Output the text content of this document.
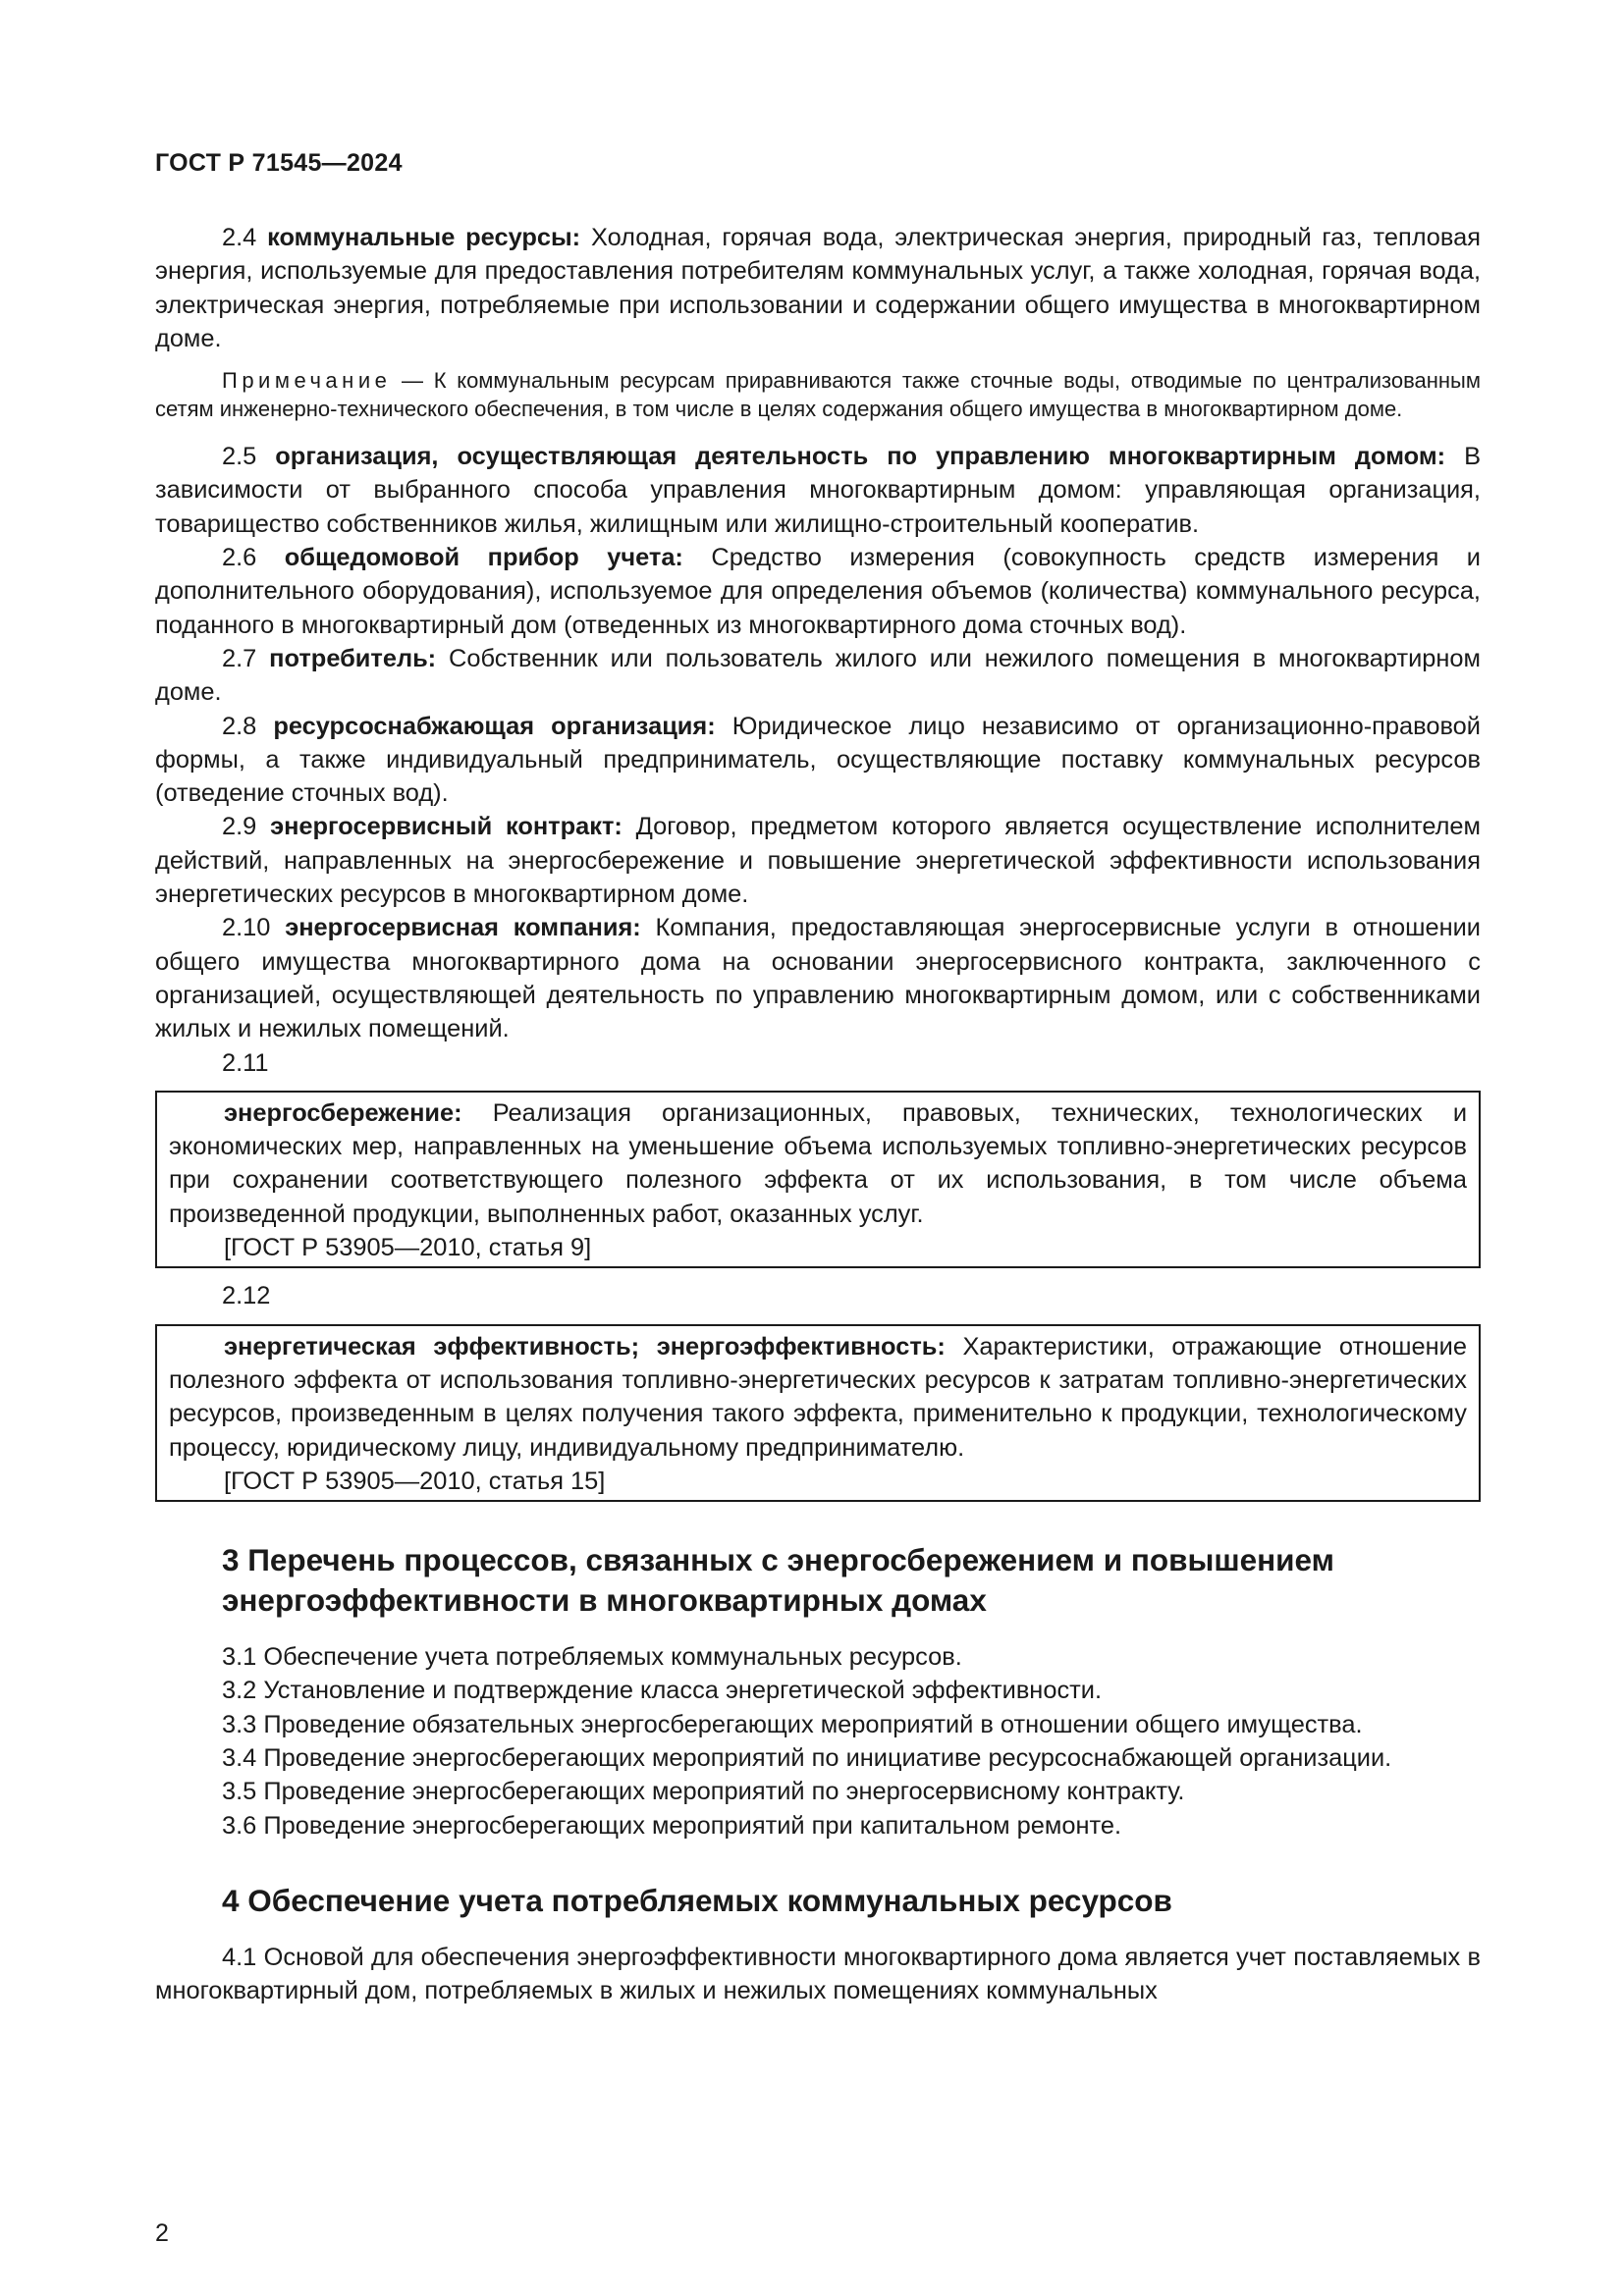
ГОСТ Р 71545—2024

2.4 коммунальные ресурсы: Холодная, горячая вода, электрическая энергия, природный газ, тепловая энергия, используемые для предоставления потребителям коммунальных услуг, а также холодная, горячая вода, электрическая энергия, потребляемые при использовании и содержании общего имущества в многоквартирном доме.

Примечание — К коммунальным ресурсам приравниваются также сточные воды, отводимые по централизованным сетям инженерно-технического обеспечения, в том числе в целях содержания общего имущества в многоквартирном доме.

2.5 организация, осуществляющая деятельность по управлению многоквартирным домом: В зависимости от выбранного способа управления многоквартирным домом: управляющая организация, товарищество собственников жилья, жилищным или жилищно-строительный кооператив.

2.6 общедомовой прибор учета: Средство измерения (совокупность средств измерения и дополнительного оборудования), используемое для определения объемов (количества) коммунального ресурса, поданного в многоквартирный дом (отведенных из многоквартирного дома сточных вод).

2.7 потребитель: Собственник или пользователь жилого или нежилого помещения в многоквартирном доме.

2.8 ресурсоснабжающая организация: Юридическое лицо независимо от организационно-правовой формы, а также индивидуальный предприниматель, осуществляющие поставку коммунальных ресурсов (отведение сточных вод).

2.9 энергосервисный контракт: Договор, предметом которого является осуществление исполнителем действий, направленных на энергосбережение и повышение энергетической эффективности использования энергетических ресурсов в многоквартирном доме.

2.10 энергосервисная компания: Компания, предоставляющая энергосервисные услуги в отношении общего имущества многоквартирного дома на основании энергосервисного контракта, заключенного с организацией, осуществляющей деятельность по управлению многоквартирным домом, или с собственниками жилых и нежилых помещений.

2.11

энергосбережение: Реализация организационных, правовых, технических, технологических и экономических мер, направленных на уменьшение объема используемых топливно-энергетических ресурсов при сохранении соответствующего полезного эффекта от их использования, в том числе объема произведенной продукции, выполненных работ, оказанных услуг.

[ГОСТ Р 53905—2010, статья 9]

2.12

энергетическая эффективность; энергоэффективность: Характеристики, отражающие отношение полезного эффекта от использования топливно-энергетических ресурсов к затратам топливно-энергетических ресурсов, произведенным в целях получения такого эффекта, применительно к продукции, технологическому процессу, юридическому лицу, индивидуальному предпринимателю.

[ГОСТ Р 53905—2010, статья 15]

3 Перечень процессов, связанных с энергосбережением и повышением
энергоэффективности в многоквартирных домах

3.1 Обеспечение учета потребляемых коммунальных ресурсов.

3.2 Установление и подтверждение класса энергетической эффективности.

3.3 Проведение обязательных энергосберегающих мероприятий в отношении общего имущества.

3.4 Проведение энергосберегающих мероприятий по инициативе ресурсоснабжающей организации.

3.5 Проведение энергосберегающих мероприятий по энергосервисному контракту.

3.6 Проведение энергосберегающих мероприятий при капитальном ремонте.

4 Обеспечение учета потребляемых коммунальных ресурсов

4.1 Основой для обеспечения энергоэффективности многоквартирного дома является учет поставляемых в многоквартирный дом, потребляемых в жилых и нежилых помещениях коммунальных

2
